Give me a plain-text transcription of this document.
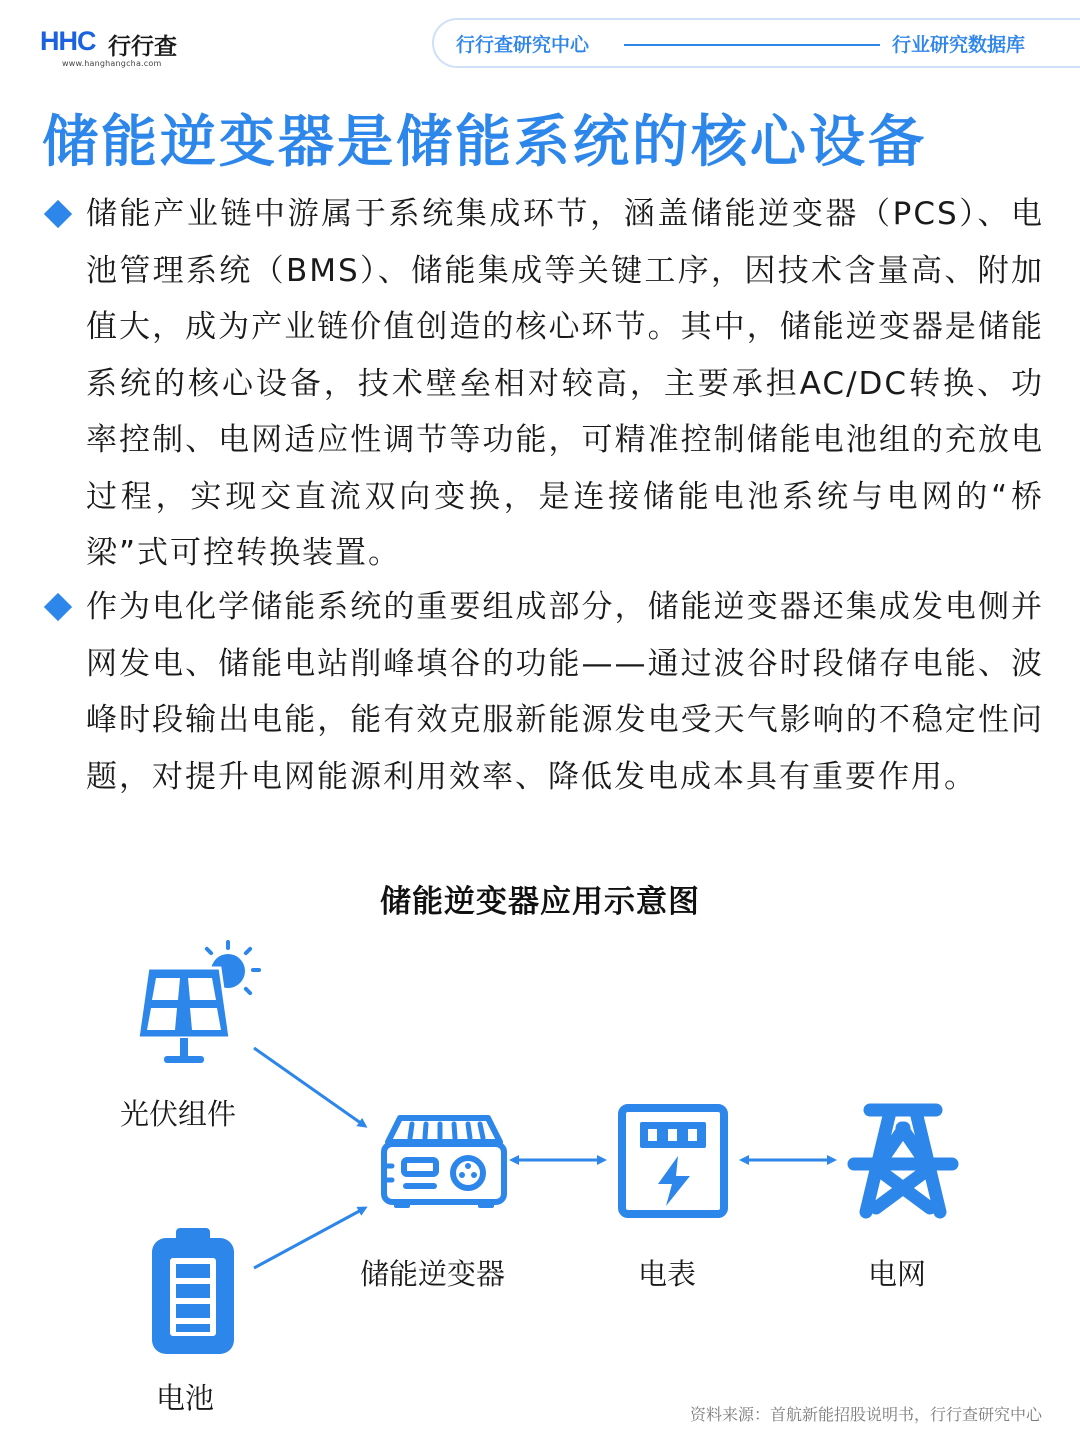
HHC 行行查
www.hanghangcha.com
行行查研究中心	行业研究数据库
储能逆变器是储能系统的核心设备
储能产业链中游属于系统集成环节，涵盖储能逆变器（PCS）、电池管理系统（BMS）、储能集成等关键工序，因技术含量高、附加值大，成为产业链价值创造的核心环节。其中，储能逆变器是储能系统的核心设备，技术壁垒相对较高，主要承担AC/DC转换、功率控制、电网适应性调节等功能，可精准控制储能电池组的充放电过程，实现交直流双向变换，是连接储能电池系统与电网的“桥梁”式可控转换装置。
作为电化学储能系统的重要组成部分，储能逆变器还集成发电侧并网发电、储能电站削峰填谷的功能——通过波谷时段储存电能、波峰时段输出电能，能有效克服新能源发电受天气影响的不稳定性问题，对提升电网能源利用效率、降低发电成本具有重要作用。
储能逆变器应用示意图
光伏组件
电池
储能逆变器	电表	电网
资料来源：首航新能招股说明书，行行查研究中心
